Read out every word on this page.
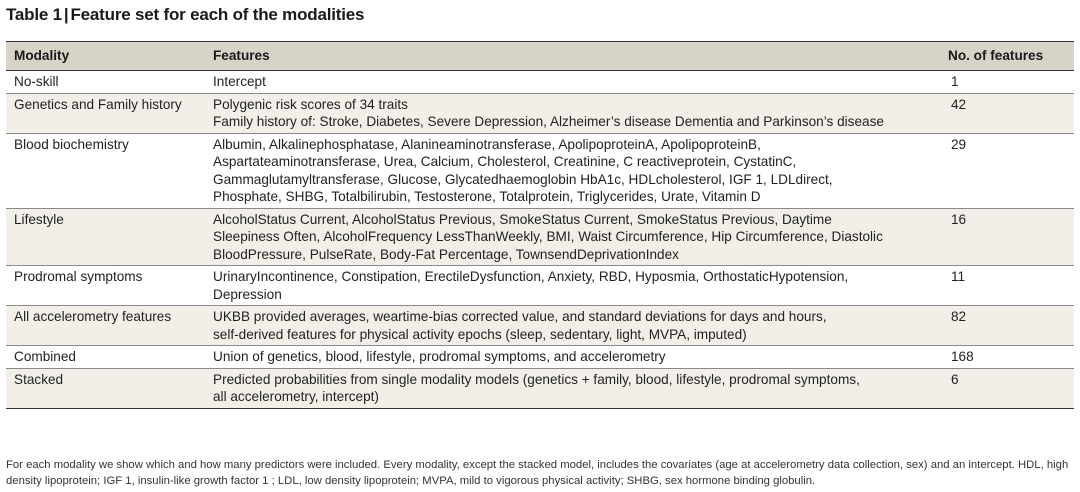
Table 1 | Feature set for each of the modalities
Modality	Features	No. of features
No-skill	Intercept	1
Genetics and Family history	Polygenic risk scores of 34 traits
Family history of: Stroke, Diabetes, Severe Depression, Alzheimer’s disease Dementia and Parkinson’s disease	42
Blood biochemistry	Albumin, Alkalinephosphatase, Alanineaminotransferase, ApolipoproteinA, ApolipoproteinB,
Aspartateaminotransferase, Urea, Calcium, Cholesterol, Creatinine, C reactiveprotein, CystatinC,
Gammaglutamyltransferase, Glucose, Glycatedhaemoglobin HbA1c, HDLcholesterol, IGF 1, LDLdirect,
Phosphate, SHBG, Totalbilirubin, Testosterone, Totalprotein, Triglycerides, Urate, Vitamin D	29
Lifestyle	AlcoholStatus Current, AlcoholStatus Previous, SmokeStatus Current, SmokeStatus Previous, Daytime
Sleepiness Often, AlcoholFrequency LessThanWeekly, BMI, Waist Circumference, Hip Circumference, Diastolic
BloodPressure, PulseRate, Body-Fat Percentage, TownsendDeprivationIndex	16
Prodromal symptoms	UrinaryIncontinence, Constipation, ErectileDysfunction, Anxiety, RBD, Hyposmia, OrthostaticHypotension,
Depression	11
All accelerometry features	UKBB provided averages, weartime-bias corrected value, and standard deviations for days and hours,
self-derived features for physical activity epochs (sleep, sedentary, light, MVPA, imputed)	82
Combined	Union of genetics, blood, lifestyle, prodromal symptoms, and accelerometry	168
Stacked	Predicted probabilities from single modality models (genetics + family, blood, lifestyle, prodromal symptoms,
all accelerometry, intercept)	6
For each modality we show which and how many predictors were included. Every modality, except the stacked model, includes the covariates (age at accelerometry data collection, sex) and an intercept. HDL, high density lipoprotein; IGF 1, insulin-like growth factor 1 ; LDL, low density lipoprotein; MVPA, mild to vigorous physical activity; SHBG, sex hormone binding globulin.
